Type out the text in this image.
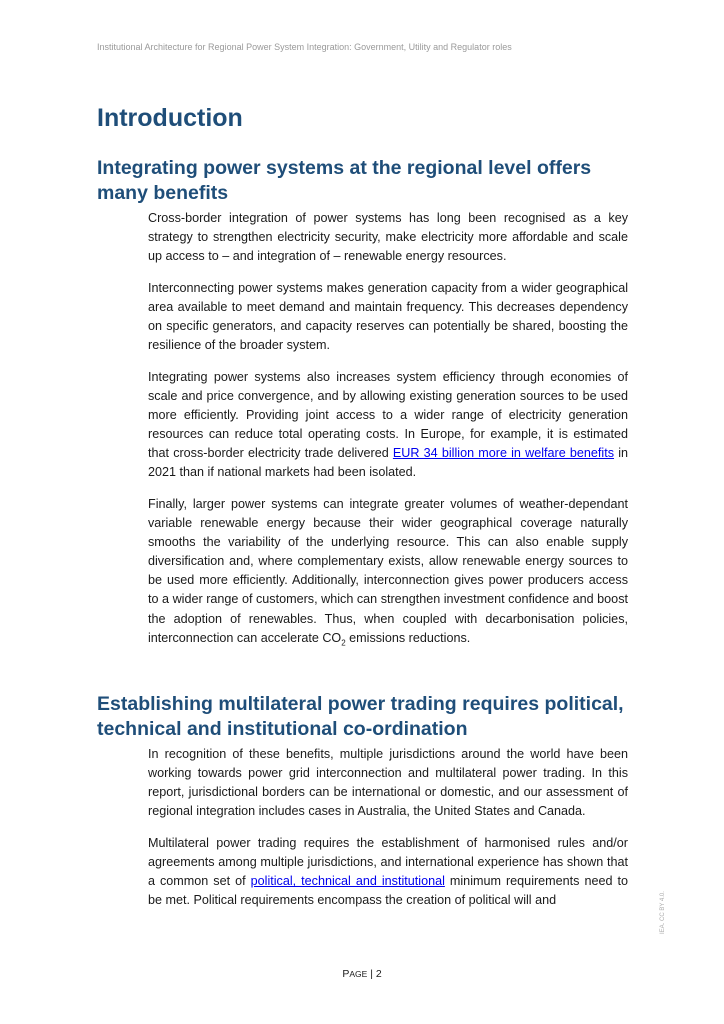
Institutional Architecture for Regional Power System Integration: Government, Utility and Regulator roles
Introduction
Integrating power systems at the regional level offers many benefits

Cross-border integration of power systems has long been recognised as a key strategy to strengthen electricity security, make electricity more affordable and scale up access to – and integration of – renewable energy resources.

Interconnecting power systems makes generation capacity from a wider geographical area available to meet demand and maintain frequency. This decreases dependency on specific generators, and capacity reserves can potentially be shared, boosting the resilience of the broader system.

Integrating power systems also increases system efficiency through economies of scale and price convergence, and by allowing existing generation sources to be used more efficiently. Providing joint access to a wider range of electricity generation resources can reduce total operating costs. In Europe, for example, it is estimated that cross-border electricity trade delivered EUR 34 billion more in welfare benefits in 2021 than if national markets had been isolated.

Finally, larger power systems can integrate greater volumes of weather-dependant variable renewable energy because their wider geographical coverage naturally smooths the variability of the underlying resource. This can also enable supply diversification and, where complementary exists, allow renewable energy sources to be used more efficiently. Additionally, interconnection gives power producers access to a wider range of customers, which can strengthen investment confidence and boost the adoption of renewables. Thus, when coupled with decarbonisation policies, interconnection can accelerate $CO_2$ emissions reductions.

Establishing multilateral power trading requires political, technical and institutional co-ordination

In recognition of these benefits, multiple jurisdictions around the world have been working towards power grid interconnection and multilateral power trading. In this report, jurisdictional borders can be international or domestic, and our assessment of regional integration includes cases in Australia, the United States and Canada.

Multilateral power trading requires the establishment of harmonised rules and/or agreements among multiple jurisdictions, and international experience has shown that a common set of political, technical and institutional minimum requirements need to be met. Political requirements encompass the creation of political will and

PAGE | 2
IEA. CC BY 4.0.
